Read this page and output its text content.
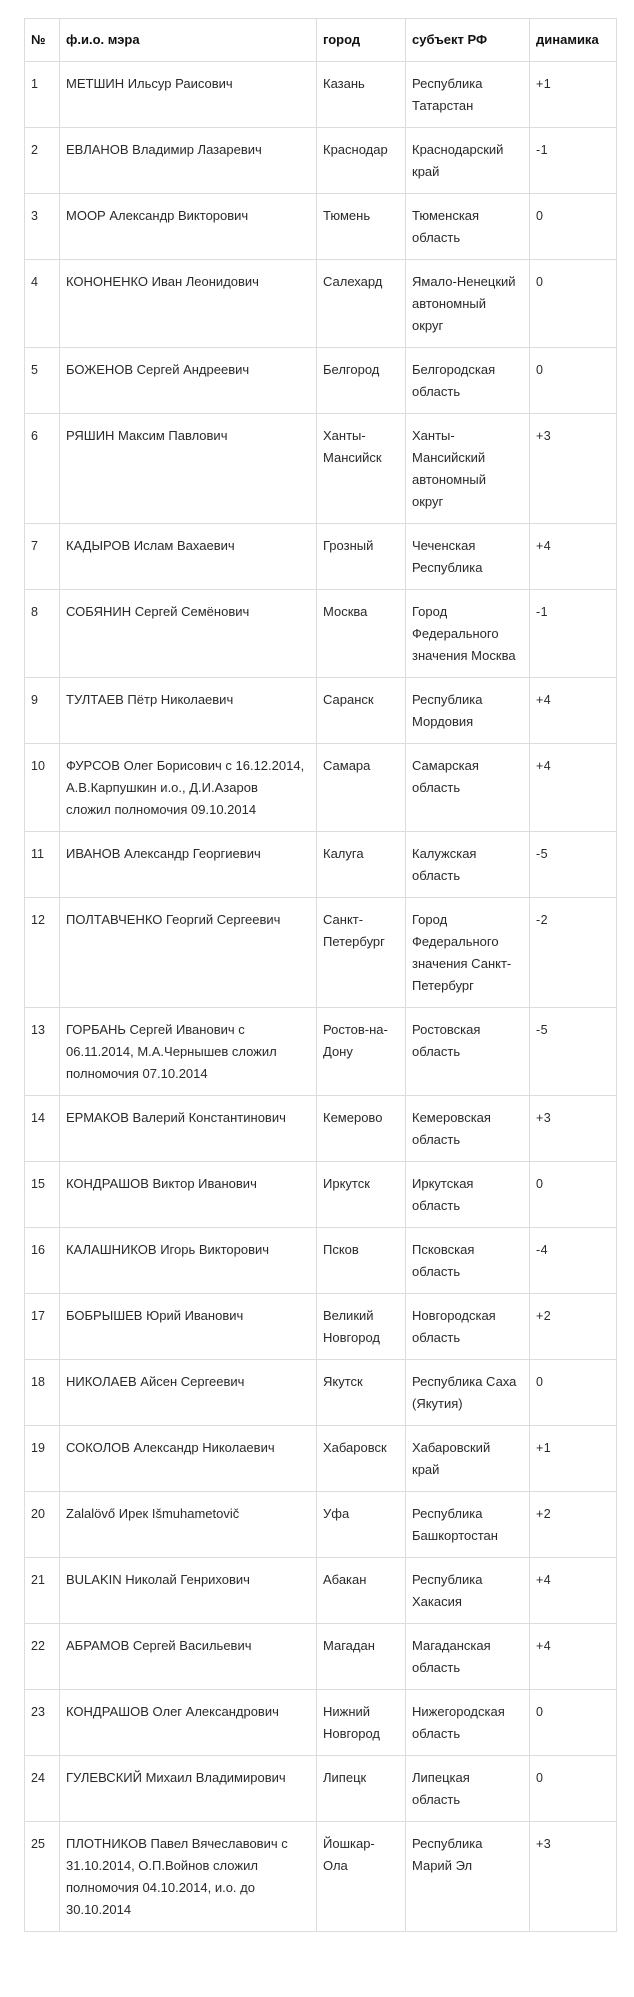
№	ф.и.о. мэра	город	субъект РФ	динамика
1	МЕТШИН Ильсур Раисович	Казань	Республика Татарстан	+1
2	ЕВЛАНОВ Владимир Лазаревич	Краснодар	Краснодарский край	-1
3	МООР Александр Викторович	Тюмень	Тюменская область	0
4	КОНОНЕНКО Иван Леонидович	Салехард	Ямало-Ненецкий автономный округ	0
5	БОЖЕНОВ Сергей Андреевич	Белгород	Белгородская область	0
6	РЯШИН Максим Павлович	Ханты-Мансийск	Ханты-Мансийский автономный округ	+3
7	КАДЫРОВ Ислам Вахаевич	Грозный	Чеченская Республика	+4
8	СОБЯНИН Сергей Семёнович	Москва	Город Федерального значения Москва	-1
9	ТУЛТАЕВ Пётр Николаевич	Саранск	Республика Мордовия	+4
10	ФУРСОВ Олег Борисович с 16.12.2014, А.В.Карпушкин и.о., Д.И.Азаров сложил полномочия 09.10.2014	Самара	Самарская область	+4
11	ИВАНОВ Александр Георгиевич	Калуга	Калужская область	-5
12	ПОЛТАВЧЕНКО Георгий Сергеевич	Санкт-Петербург	Город Федерального значения Санкт-Петербург	-2
13	ГОРБАНЬ Сергей Иванович с 06.11.2014, М.А.Чернышев сложил полномочия 07.10.2014	Ростов-на-Дону	Ростовская область	-5
14	ЕРМАКОВ Валерий Константинович	Кемерово	Кемеровская область	+3
15	КОНДРАШОВ Виктор Иванович	Иркутск	Иркутская область	0
16	КАЛАШНИКОВ Игорь Викторович	Псков	Псковская область	-4
17	БОБРЫШЕВ Юрий Иванович	Великий Новгород	Новгородская область	+2
18	НИКОЛАЕВ Айсен Сергеевич	Якутск	Республика Саха (Якутия)	0
19	СОКОЛОВ Александр Николаевич	Хабаровск	Хабаровский край	+1
20	Zalalövő Ирек Išmuhametovič	Уфа	Республика Башкортостан	+2
21	BULAKIN Николай Генрихович	Абакан	Республика Хакасия	+4
22	АБРАМОВ Сергей Васильевич	Магадан	Магаданская область	+4
23	КОНДРАШОВ Олег Александрович	Нижний Новгород	Нижегородская область	0
24	ГУЛЕВСКИЙ Михаил Владимирович	Липецк	Липецкая область	0
25	ПЛОТНИКОВ Павел Вячеславович с 31.10.2014, О.П.Войнов сложил полномочия 04.10.2014, и.о. до 30.10.2014	Йошкар-Ола	Республика Марий Эл	+3
